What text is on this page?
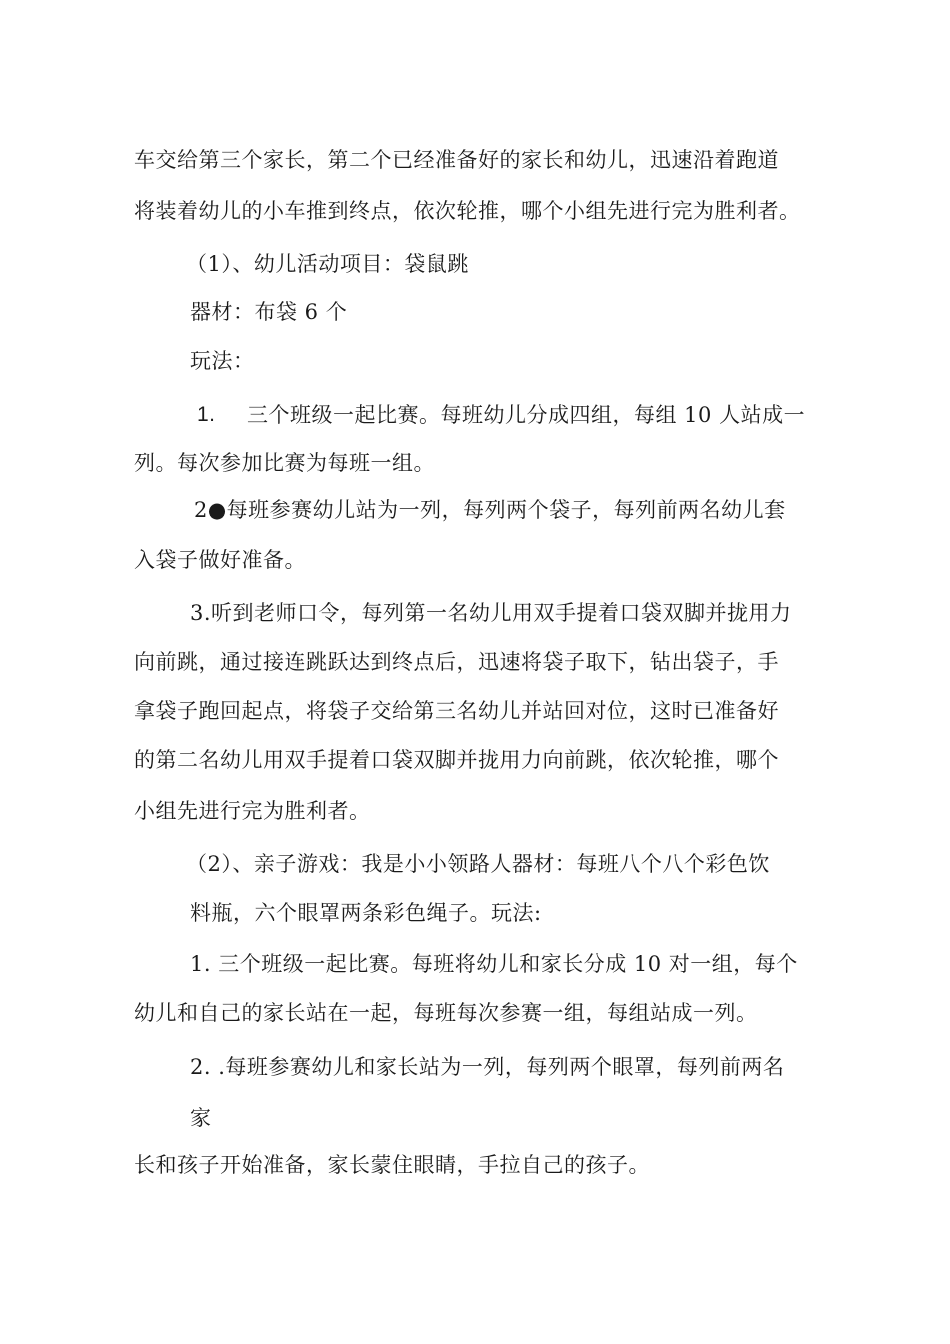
车交给第三个家长，第二个已经准备好的家长和幼儿，迅速沿着跑道
将装着幼儿的小车推到终点，依次轮推，哪个小组先进行完为胜利者。
（1）、幼儿活动项目：袋鼠跳
器材：布袋 6 个
玩法：
1. 三个班级一起比赛。每班幼儿分成四组，每组 10 人站成一
列。每次参加比赛为每班一组。
2●每班参赛幼儿站为一列，每列两个袋子，每列前两名幼儿套
入袋子做好准备。
3.听到老师口令，每列第一名幼儿用双手提着口袋双脚并拢用力
向前跳，通过接连跳跃达到终点后，迅速将袋子取下，钻出袋子，手
拿袋子跑回起点，将袋子交给第三名幼儿并站回对位，这时已准备好
的第二名幼儿用双手提着口袋双脚并拢用力向前跳，依次轮推，哪个
小组先进行完为胜利者。
（2）、亲子游戏：我是小小领路人器材：每班八个八个彩色饮
料瓶，六个眼罩两条彩色绳子。玩法:
1. 三个班级一起比赛。每班将幼儿和家长分成 10 对一组，每个
幼儿和自己的家长站在一起，每班每次参赛一组，每组站成一列。
2. .每班参赛幼儿和家长站为一列，每列两个眼罩，每列前两名
家
长和孩子开始准备，家长蒙住眼睛，手拉自己的孩子。
